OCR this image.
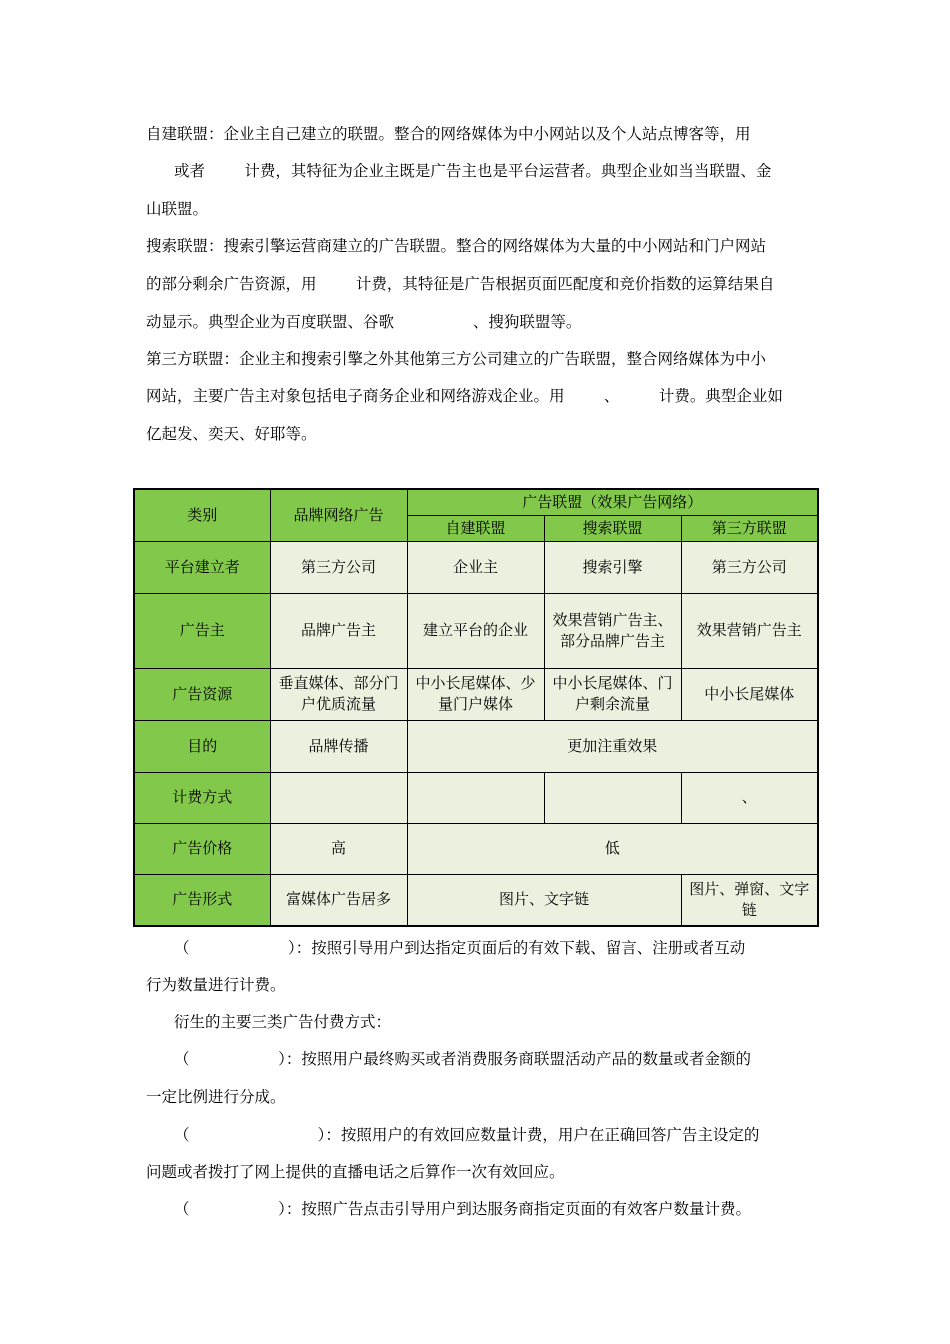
自建联盟：企业主自己建立的联盟。整合的网络媒体为中小网站以及个人站点博客等，用
或者        计费，其特征为企业主既是广告主也是平台运营者。典型企业如当当联盟、金
山联盟。
搜索联盟：搜索引擎运营商建立的广告联盟。整合的网络媒体为大量的中小网站和门户网站
的部分剩余广告资源，用        计费，其特征是广告根据页面匹配度和竞价指数的运算结果自
动显示。典型企业为百度联盟、谷歌                、搜狗联盟等。
第三方联盟：企业主和搜索引擎之外其他第三方公司建立的广告联盟，整合网络媒体为中小
网站，主要广告主对象包括电子商务企业和网络游戏企业。用        、        计费。典型企业如
亿起发、奕天、好耶等。
类别	品牌网络广告	广告联盟（效果广告网络）		
		自建联盟	搜索联盟	第三方联盟
平台建立者	第三方公司	企业主	搜索引擎	第三方公司
广告主	品牌广告主	建立平台的企业	效果营销广告主、部分品牌广告主	效果营销广告主
广告资源	垂直媒体、部分门户优质流量	中小长尾媒体、少量门户媒体	中小长尾媒体、门户剩余流量	中小长尾媒体
目的	品牌传播	更加注重效果		
计费方式				、
广告价格	高	低		
广告形式	富媒体广告居多	图片、文字链		图片、弹窗、文字链
（                    ）：按照引导用户到达指定页面后的有效下载、留言、注册或者互动
行为数量进行计费。
衍生的主要三类广告付费方式：
（                  ）：按照用户最终购买或者消费服务商联盟活动产品的数量或者金额的
一定比例进行分成。
（                          ）：按照用户的有效回应数量计费，用户在正确回答广告主设定的
问题或者拨打了网上提供的直播电话之后算作一次有效回应。
（                  ）：按照广告点击引导用户到达服务商指定页面的有效客户数量计费。
